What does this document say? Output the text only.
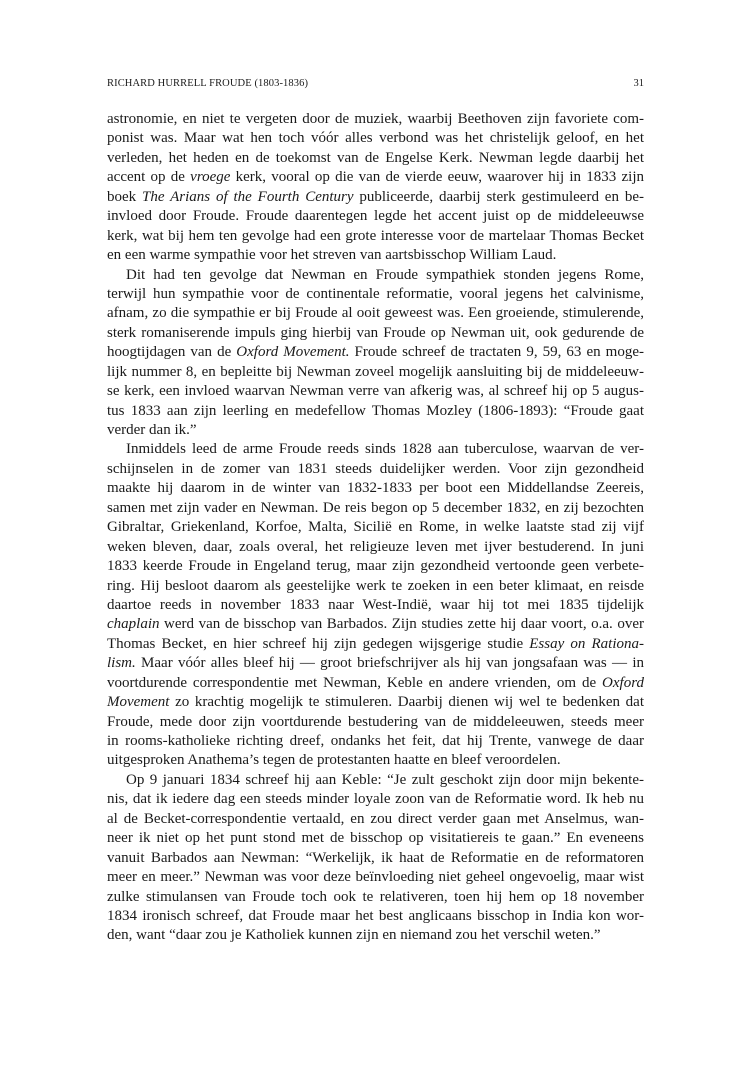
RICHARD HURRELL FROUDE (1803-1836)	31
astronomie, en niet te vergeten door de muziek, waarbij Beethoven zijn favoriete com-
ponist was. Maar wat hen toch vóór alles verbond was het christelijk geloof, en het
verleden, het heden en de toekomst van de Engelse Kerk. Newman legde daarbij het
accent op de vroege kerk, vooral op die van de vierde eeuw, waarover hij in 1833 zijn
boek The Arians of the Fourth Century publiceerde, daarbij sterk gestimuleerd en be-
invloed door Froude. Froude daarentegen legde het accent juist op de middeleeuwse
kerk, wat bij hem ten gevolge had een grote interesse voor de martelaar Thomas Becket
en een warme sympathie voor het streven van aartsbisschop William Laud.
Dit had ten gevolge dat Newman en Froude sympathiek stonden jegens Rome,
terwijl hun sympathie voor de continentale reformatie, vooral jegens het calvinisme,
afnam, zo die sympathie er bij Froude al ooit geweest was. Een groeiende, stimulerende,
sterk romaniserende impuls ging hierbij van Froude op Newman uit, ook gedurende de
hoogtijdagen van de Oxford Movement. Froude schreef de tractaten 9, 59, 63 en moge-
lijk nummer 8, en bepleitte bij Newman zoveel mogelijk aansluiting bij de middeleeuw-
se kerk, een invloed waarvan Newman verre van afkerig was, al schreef hij op 5 augus-
tus 1833 aan zijn leerling en medefellow Thomas Mozley (1806-1893): “Froude gaat
verder dan ik.”
Inmiddels leed de arme Froude reeds sinds 1828 aan tuberculose, waarvan de ver-
schijnselen in de zomer van 1831 steeds duidelijker werden. Voor zijn gezondheid
maakte hij daarom in de winter van 1832-1833 per boot een Middellandse Zeereis,
samen met zijn vader en Newman. De reis begon op 5 december 1832, en zij bezochten
Gibraltar, Griekenland, Korfoe, Malta, Sicilië en Rome, in welke laatste stad zij vijf
weken bleven, daar, zoals overal, het religieuze leven met ijver bestuderend. In juni
1833 keerde Froude in Engeland terug, maar zijn gezondheid vertoonde geen verbete-
ring. Hij besloot daarom als geestelijke werk te zoeken in een beter klimaat, en reisde
daartoe reeds in november 1833 naar West-Indië, waar hij tot mei 1835 tijdelijk
chaplain werd van de bisschop van Barbados. Zijn studies zette hij daar voort, o.a. over
Thomas Becket, en hier schreef hij zijn gedegen wijsgerige studie Essay on Rationa-
lism. Maar vóór alles bleef hij — groot briefschrijver als hij van jongsafaan was — in
voortdurende correspondentie met Newman, Keble en andere vrienden, om de Oxford
Movement zo krachtig mogelijk te stimuleren. Daarbij dienen wij wel te bedenken dat
Froude, mede door zijn voortdurende bestudering van de middeleeuwen, steeds meer
in rooms-katholieke richting dreef, ondanks het feit, dat hij Trente, vanwege de daar
uitgesproken Anathema’s tegen de protestanten haatte en bleef veroordelen.
Op 9 januari 1834 schreef hij aan Keble: “Je zult geschokt zijn door mijn bekente-
nis, dat ik iedere dag een steeds minder loyale zoon van de Reformatie word. Ik heb nu
al de Becket-correspondentie vertaald, en zou direct verder gaan met Anselmus, wan-
neer ik niet op het punt stond met de bisschop op visitatiereis te gaan.” En eveneens
vanuit Barbados aan Newman: “Werkelijk, ik haat de Reformatie en de reformatoren
meer en meer.” Newman was voor deze beïnvloeding niet geheel ongevoelig, maar wist
zulke stimulansen van Froude toch ook te relativeren, toen hij hem op 18 november
1834 ironisch schreef, dat Froude maar het best anglicaans bisschop in India kon wor-
den, want “daar zou je Katholiek kunnen zijn en niemand zou het verschil weten.”
